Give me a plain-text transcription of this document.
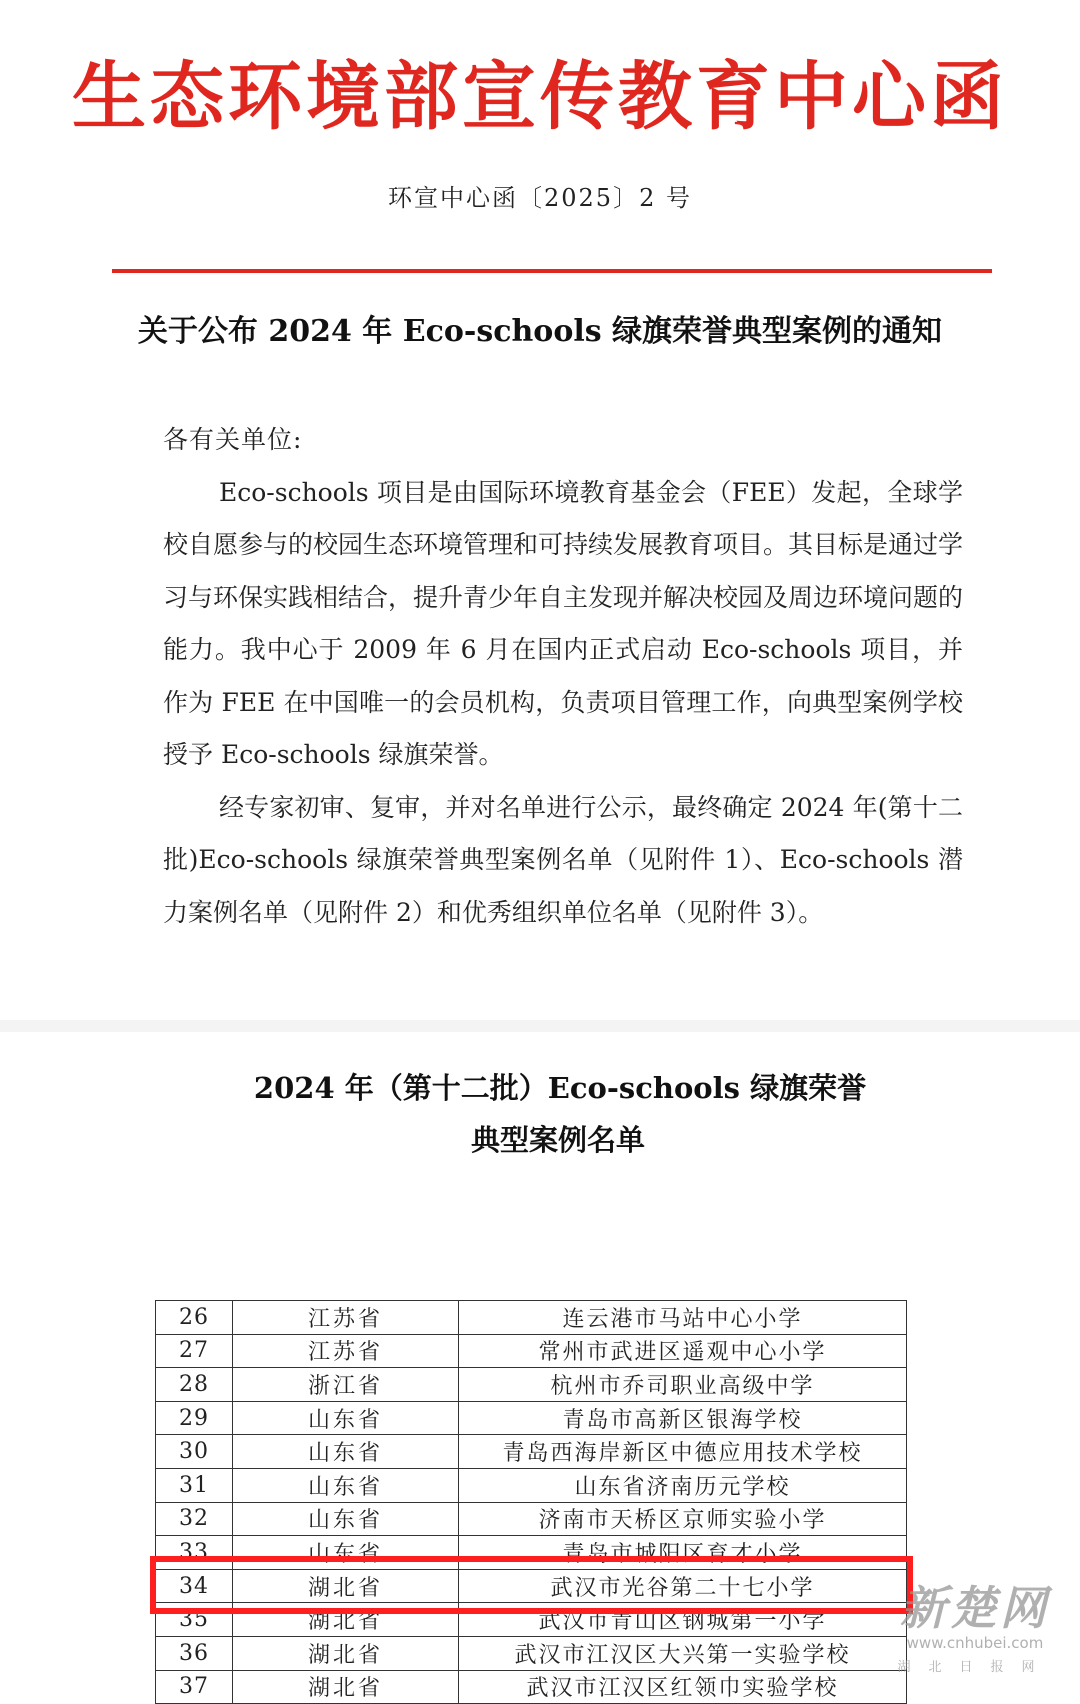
生态环境部宣传教育中心函
环宣中心函〔2025〕2 号
关于公布 2024 年 Eco-schools 绿旗荣誉典型案例的通知

各有关单位:

Eco-schools 项目是由国际环境教育基金会（FEE）发起，全球学校自愿参与的校园生态环境管理和可持续发展教育项目。其目标是通过学习与环保实践相结合，提升青少年自主发现并解决校园及周边环境问题的能力。我中心于 2009 年 6 月在国内正式启动 Eco-schools 项目，并作为 FEE 在中国唯一的会员机构，负责项目管理工作，向典型案例学校授予 Eco-schools 绿旗荣誉。

经专家初审、复审，并对名单进行公示，最终确定 2024 年(第十二批)Eco-schools 绿旗荣誉典型案例名单（见附件 1）、Eco-schools 潜力案例名单（见附件 2）和优秀组织单位名单（见附件 3）。

2024 年（第十二批）Eco-schools 绿旗荣誉
典型案例名单
26	江苏省	连云港市马站中心小学
27	江苏省	常州市武进区遥观中心小学
28	浙江省	杭州市乔司职业高级中学
29	山东省	青岛市高新区银海学校
30	山东省	青岛西海岸新区中德应用技术学校
31	山东省	山东省济南历元学校
32	山东省	济南市天桥区京师实验小学
33	山东省	青岛市城阳区育才小学
34	湖北省	武汉市光谷第二十七小学
35	湖北省	武汉市青山区钢城第一小学
36	湖北省	武汉市江汉区大兴第一实验学校
37	湖北省	武汉市江汉区红领巾实验学校
新楚网
www.cnhubei.com
湖北日报网
